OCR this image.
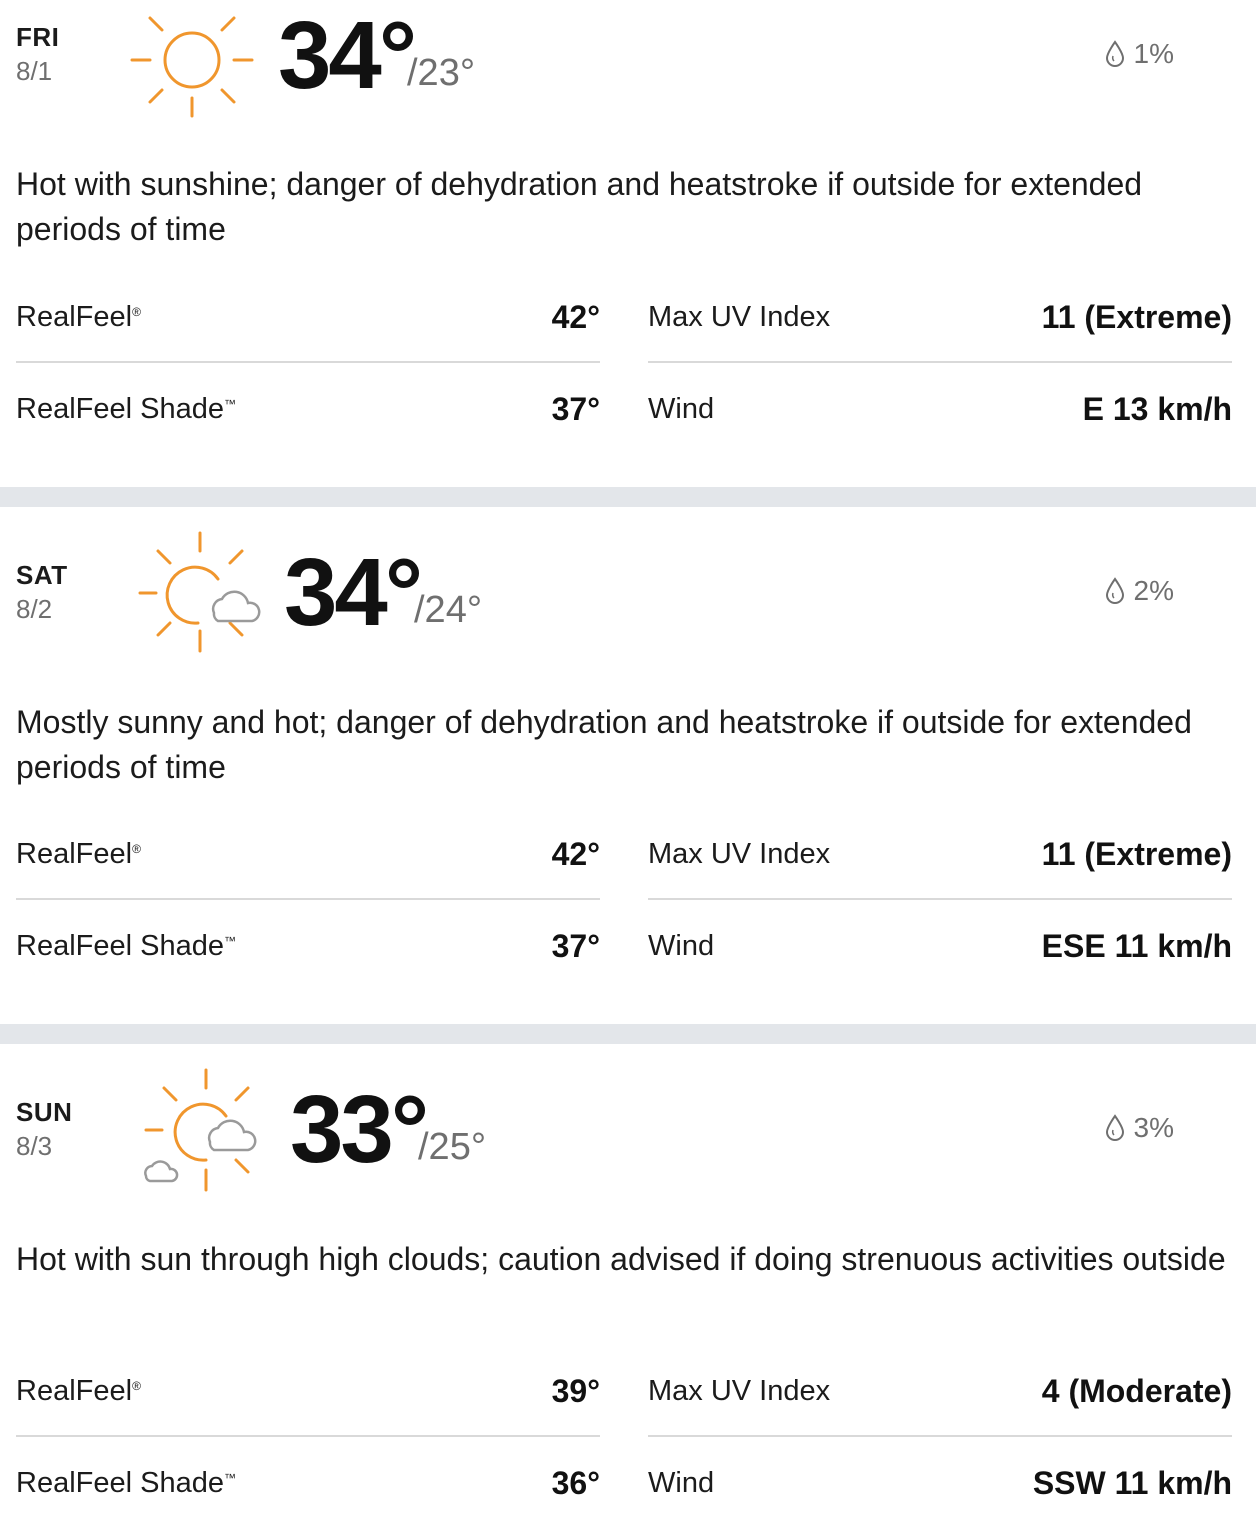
FRI
8/1 34°
/23°	1%
Hot with sunshine; danger of dehydration and heatstroke if outside for extended periods of time
RealFeel®	42° Max UV Index	11 (Extreme)
RealFeel Shade™	37° Wind	E 13 km/h
SAT
8/2 34°
/24°	2%
Mostly sunny and hot; danger of dehydration and heatstroke if outside for extended periods of time
RealFeel®	42° Max UV Index	11 (Extreme)
RealFeel Shade™	37° Wind	ESE 11 km/h
SUN
8/3 33°
/25°	3%
Hot with sun through high clouds; caution advised if doing strenuous activities outside
RealFeel®	39° Max UV Index	4 (Moderate)
RealFeel Shade™	36° Wind	SSW 11 km/h
